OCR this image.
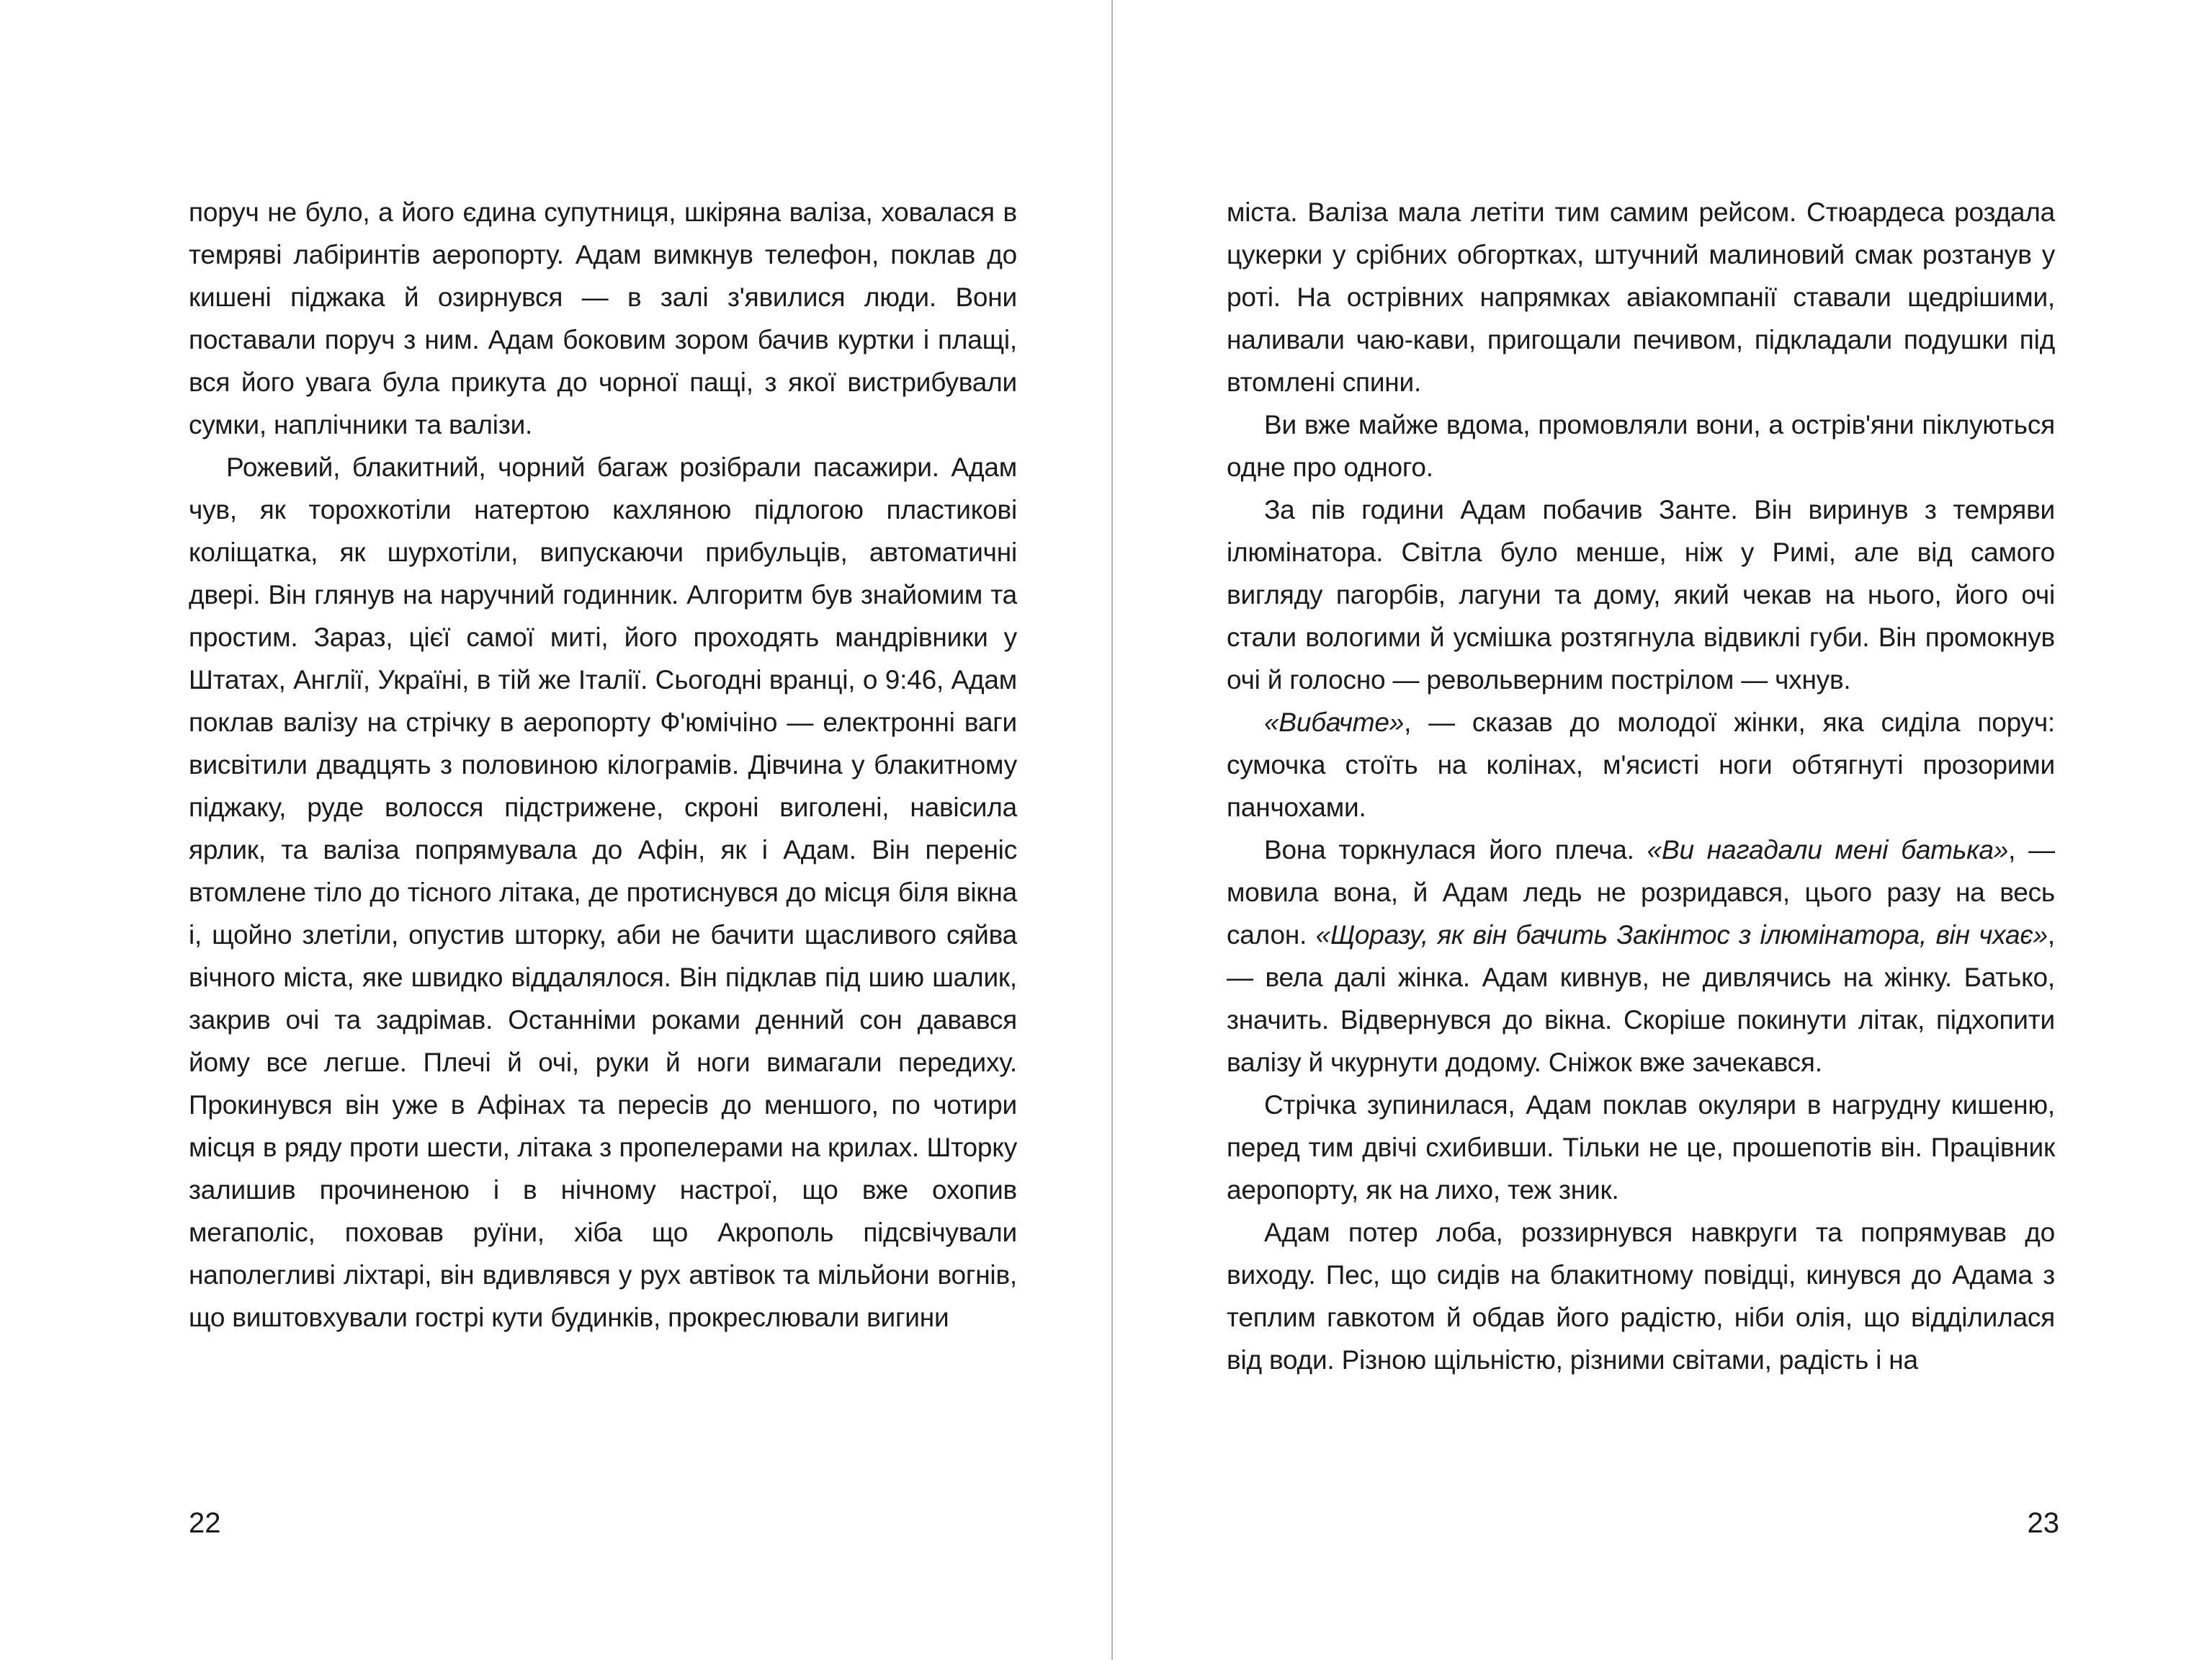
поруч не було, а його єдина супутниця, шкіряна валіза, ховалася в темряві лабіринтів аеропорту. Адам вимкнув телефон, поклав до кишені піджака й озирнувся — в залі з'явилися люди. Вони поставали поруч з ним. Адам боковим зором бачив куртки і плащі, вся його увага була прикута до чорної пащі, з якої вистрибували сумки, наплічники та валізи.

Рожевий, блакитний, чорний багаж розібрали пасажири. Адам чув, як торохкотіли натертою кахляною підлогою пластикові коліщатка, як шурхотіли, випускаючи прибульців, автоматичні двері. Він глянув на наручний годинник. Алгоритм був знайомим та простим. Зараз, цієї самої миті, його проходять мандрівники у Штатах, Англії, Україні, в тій же Італії. Сьогодні вранці, о 9:46, Адам поклав валізу на стрічку в аеропорту Ф'юмічіно — електронні ваги висвітили двадцять з половиною кілограмів. Дівчина у блакитному піджаку, руде волосся підстрижене, скроні виголені, навісила ярлик, та валіза попрямувала до Афін, як і Адам. Він переніс втомлене тіло до тісного літака, де протиснувся до місця біля вікна і, щойно злетіли, опустив шторку, аби не бачити щасливого сяйва вічного міста, яке швидко віддалялося. Він підклав під шию шалик, закрив очі та задрімав. Останніми роками денний сон давався йому все легше. Плечі й очі, руки й ноги вимагали передиху. Прокинувся він уже в Афінах та пересів до меншого, по чотири місця в ряду проти шести, літака з пропелерами на крилах. Шторку залишив прочиненою і в нічному настрої, що вже охопив мегаполіс, поховав руїни, хіба що Акрополь підсвічували наполегливі ліхтарі, він вдивлявся у рух автівок та мільйони вогнів, що виштовхували гострі кути будинків, прокреслювали вигини

22

міста. Валіза мала летіти тим самим рейсом. Стюардеса роздала цукерки у срібних обгортках, штучний малиновий смак розтанув у роті. На острівних напрямках авіакомпанії ставали щедрішими, наливали чаю-кави, пригощали печивом, підкладали подушки під втомлені спини.

Ви вже майже вдома, промовляли вони, а острів'яни піклуються одне про одного.

За пів години Адам побачив Занте. Він виринув з темряви ілюмінатора. Світла було менше, ніж у Римі, але від самого вигляду пагорбів, лагуни та дому, який чекав на нього, його очі стали вологими й усмішка розтягнула відвиклі губи. Він промокнув очі й голосно — револьверним пострілом — чхнув.

«Вибачте», — сказав до молодої жінки, яка сиділа поруч: сумочка стоїть на колінах, м'ясисті ноги обтягнуті прозорими панчохами.

Вона торкнулася його плеча. «Ви нагадали мені батька», — мовила вона, й Адам ледь не розридався, цього разу на весь салон. «Щоразу, як він бачить Закінтос з ілюмінатора, він чхає», — вела далі жінка. Адам кивнув, не дивлячись на жінку. Батько, значить. Відвернувся до вікна. Скоріше покинути літак, підхопити валізу й чкурнути додому. Сніжок вже зачекався.

Стрічка зупинилася, Адам поклав окуляри в нагрудну кишеню, перед тим двічі схибивши. Тільки не це, прошепотів він. Працівник аеропорту, як на лихо, теж зник.

Адам потер лоба, роззирнувся навкруги та попрямував до виходу. Пес, що сидів на блакитному повідці, кинувся до Адама з теплим гавкотом й обдав його радістю, ніби олія, що відділилася від води. Різною щільністю, різними світами, радість і на

23
